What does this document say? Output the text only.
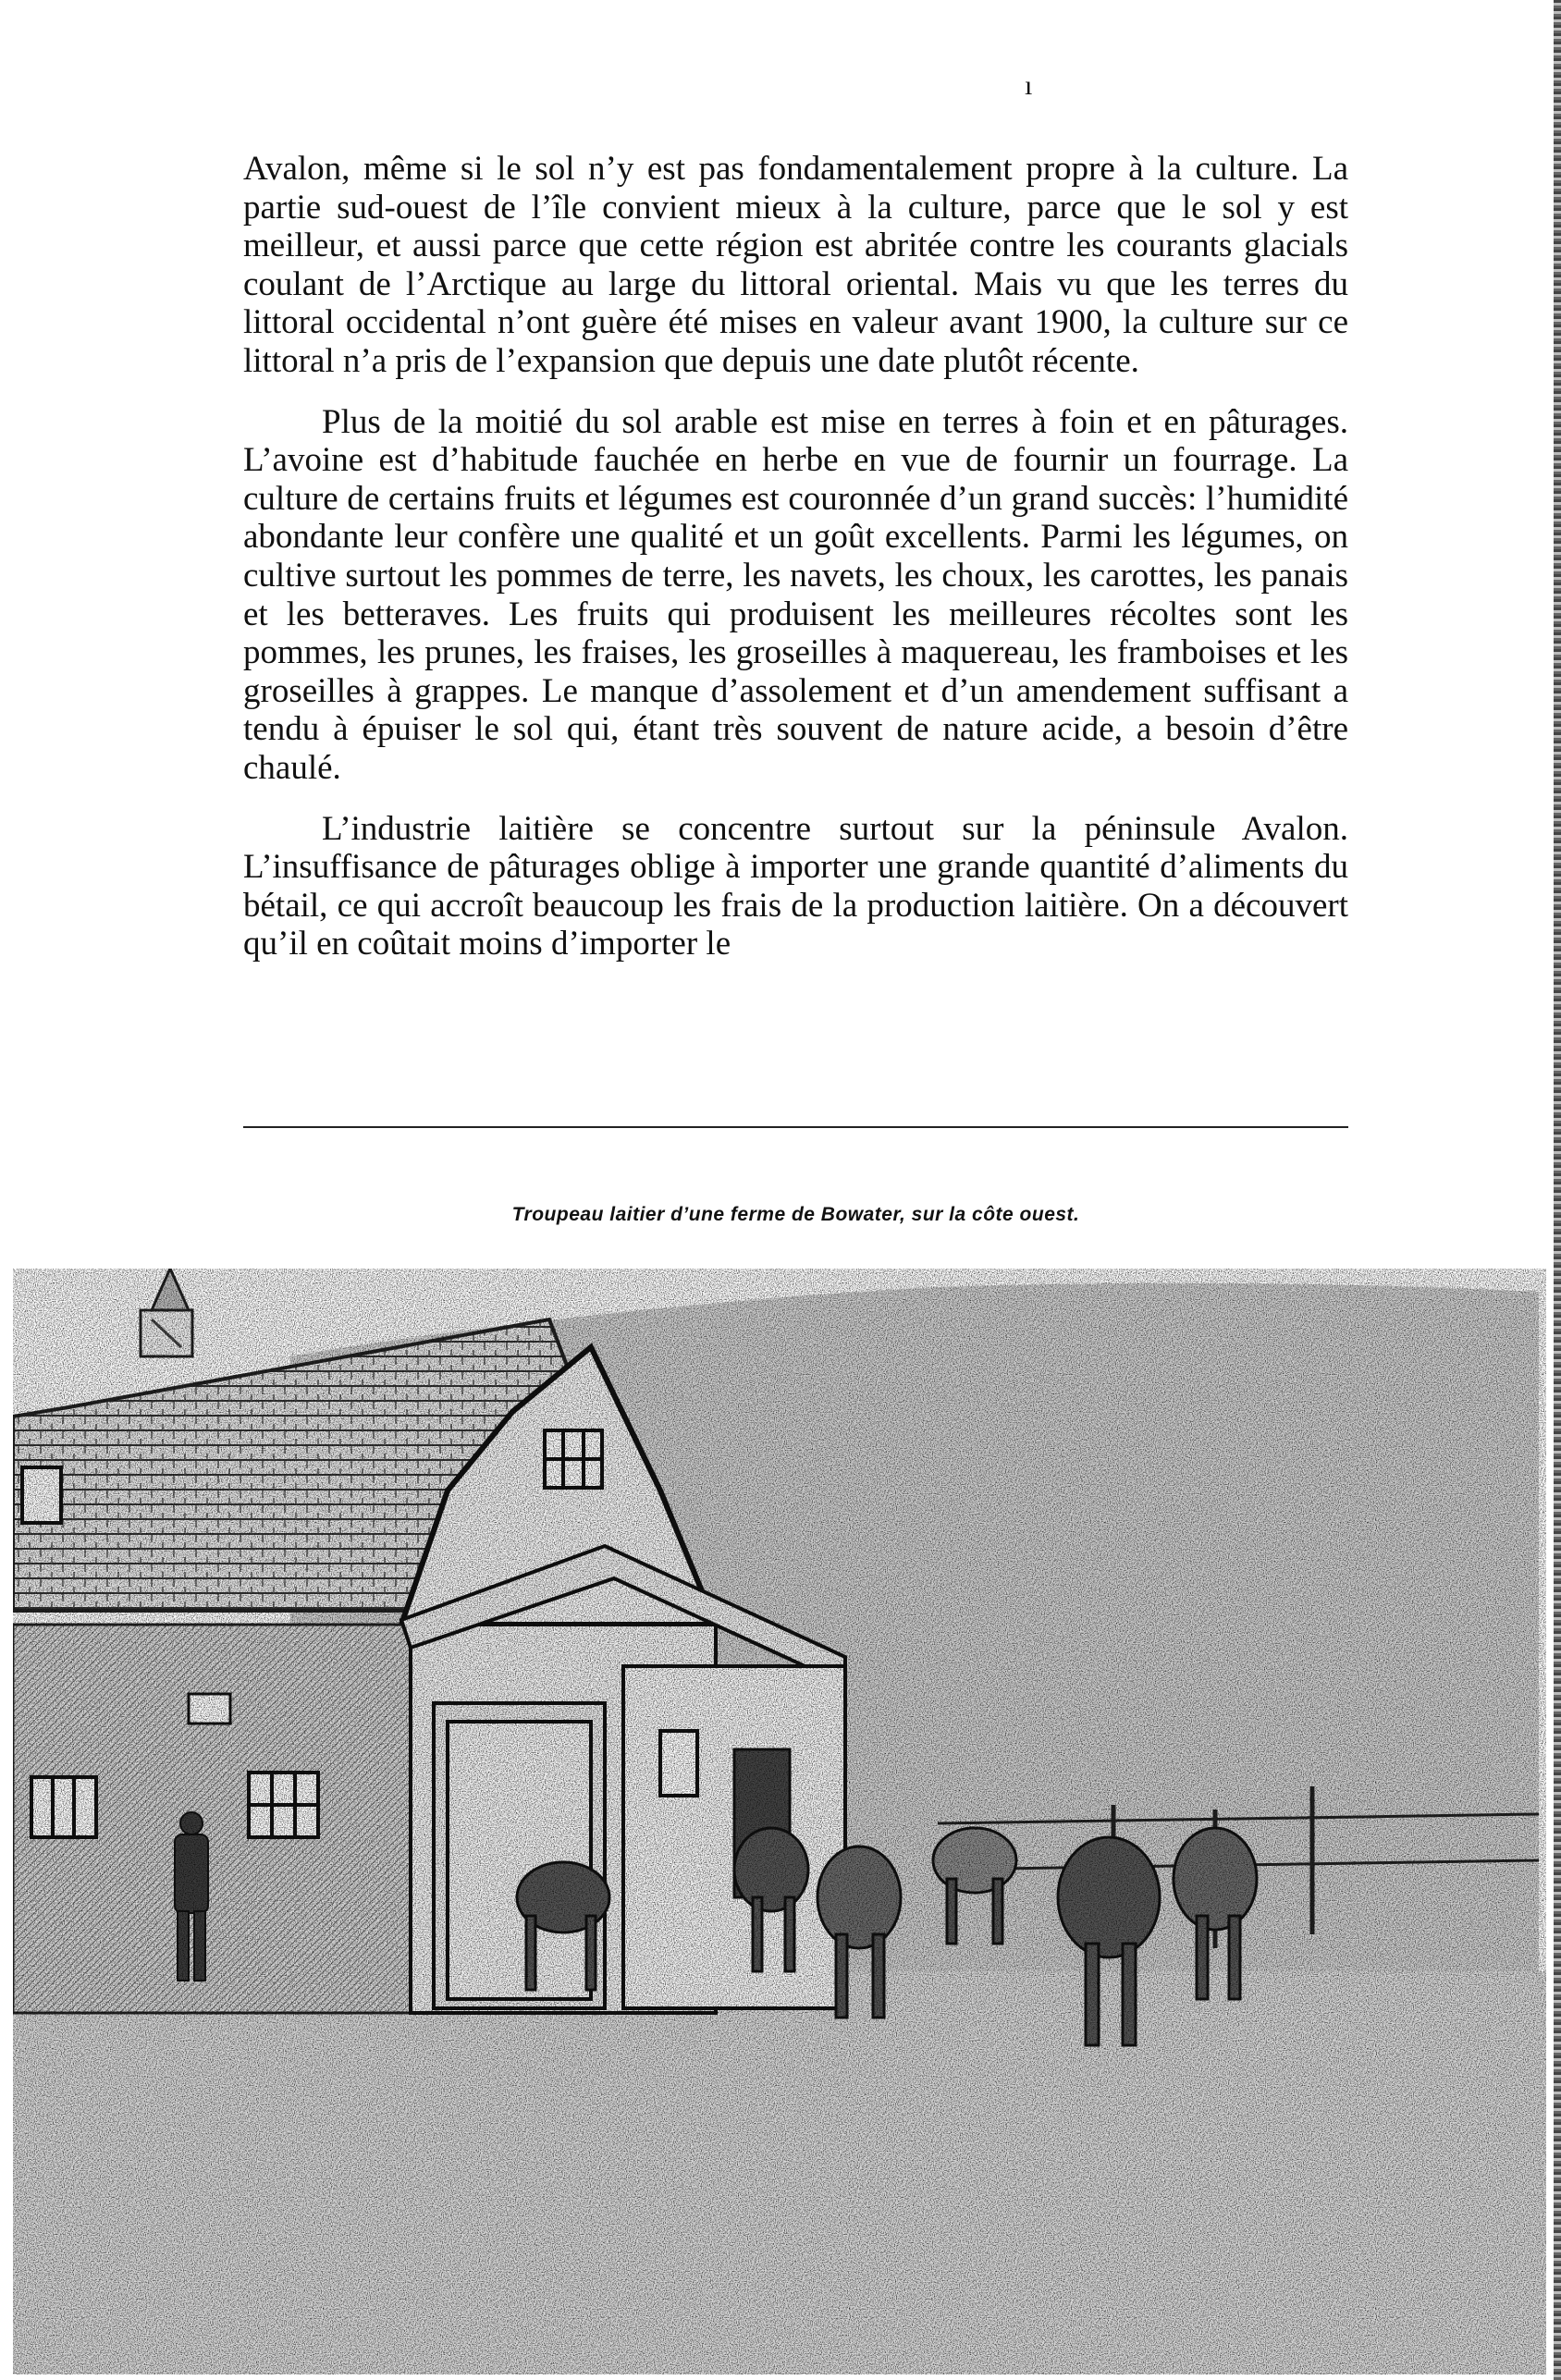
ı

Avalon, même si le sol n’y est pas fondamentalement propre à la culture. La partie sud-ouest de l’île convient mieux à la culture, parce que le sol y est meilleur, et aussi parce que cette région est abritée contre les courants glacials coulant de l’Arctique au large du littoral oriental. Mais vu que les terres du littoral occidental n’ont guère été mises en valeur avant 1900, la culture sur ce littoral n’a pris de l’expansion que depuis une date plutôt récente.

Plus de la moitié du sol arable est mise en terres à foin et en pâturages. L’avoine est d’habitude fauchée en herbe en vue de fournir un fourrage. La culture de certains fruits et légumes est couronnée d’un grand succès: l’humidité abondante leur confère une qualité et un goût excellents. Parmi les légumes, on cultive surtout les pommes de terre, les navets, les choux, les carottes, les panais et les betteraves. Les fruits qui produisent les meilleures récoltes sont les pommes, les prunes, les fraises, les groseilles à maquereau, les framboises et les groseilles à grappes. Le manque d’assolement et d’un amendement suffisant a tendu à épuiser le sol qui, étant très souvent de nature acide, a besoin d’être chaulé.

L’industrie laitière se concentre surtout sur la péninsule Avalon. L’insuffisance de pâturages oblige à importer une grande quantité d’aliments du bétail, ce qui accroît beaucoup les frais de la production laitière. On a découvert qu’il en coûtait moins d’importer le

Troupeau laitier d’une ferme de Bowater, sur la côte ouest.
